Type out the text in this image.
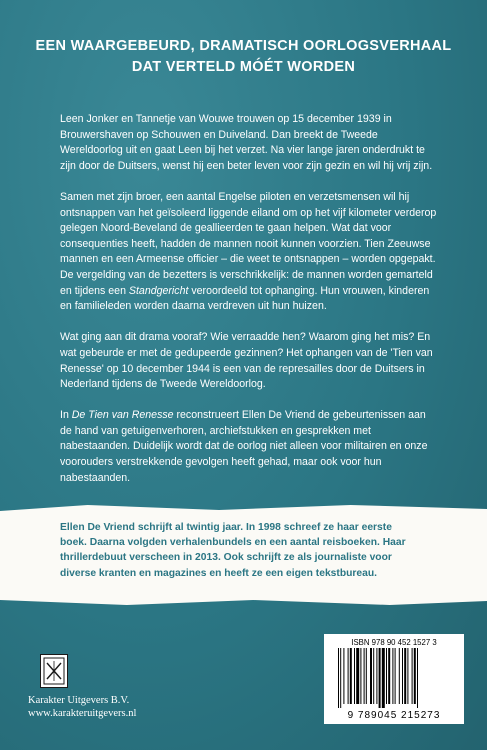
EEN WAARGEBEURD, DRAMATISCH OORLOGSVERHAAL
DAT VERTELD MÓÉT WORDEN

Leen Jonker en Tannetje van Wouwe trouwen op 15 december 1939 in Brouwershaven op Schouwen en Duiveland. Dan breekt de Tweede Wereldoorlog uit en gaat Leen bij het verzet. Na vier lange jaren onderdrukt te zijn door de Duitsers, wenst hij een beter leven voor zijn gezin en wil hij vrij zijn.

Samen met zijn broer, een aantal Engelse piloten en verzetsmensen wil hij ontsnappen van het geïsoleerd liggende eiland om op het vijf kilometer verderop gelegen Noord-Beveland de geallieerden te gaan helpen. Wat dat voor consequenties heeft, hadden de mannen nooit kunnen voorzien. Tien Zeeuwse mannen en een Armeense officier – die weet te ontsnappen – worden opgepakt. De vergelding van de bezetters is verschrikkelijk: de mannen worden gemarteld en tijdens een Standgericht veroordeeld tot ophanging. Hun vrouwen, kinderen en familieleden worden daarna verdreven uit hun huizen.

Wat ging aan dit drama vooraf? Wie verraadde hen? Waarom ging het mis? En wat gebeurde er met de gedupeerde gezinnen? Het ophangen van de 'Tien van Renesse' op 10 december 1944 is een van de represailles door de Duitsers in Nederland tijdens de Tweede Wereldoorlog.

In De Tien van Renesse reconstrueert Ellen De Vriend de gebeurtenissen aan de hand van getuigenverhoren, archiefstukken en gesprekken met nabestaanden. Duidelijk wordt dat de oorlog niet alleen voor militairen en onze voorouders verstrekkende gevolgen heeft gehad, maar ook voor hun nabestaanden.

Ellen De Vriend schrijft al twintig jaar. In 1998 schreef ze haar eerste
boek. Daarna volgden verhalenbundels en een aantal reisboeken. Haar
thrillerdebuut verscheen in 2013. Ook schrijft ze als journaliste voor
diverse kranten en magazines en heeft ze een eigen tekstbureau.
Karakter Uitgevers B.V.
www.karakteruitgevers.nl
ISBN 978 90 452 1527 3
9 789045 215273
